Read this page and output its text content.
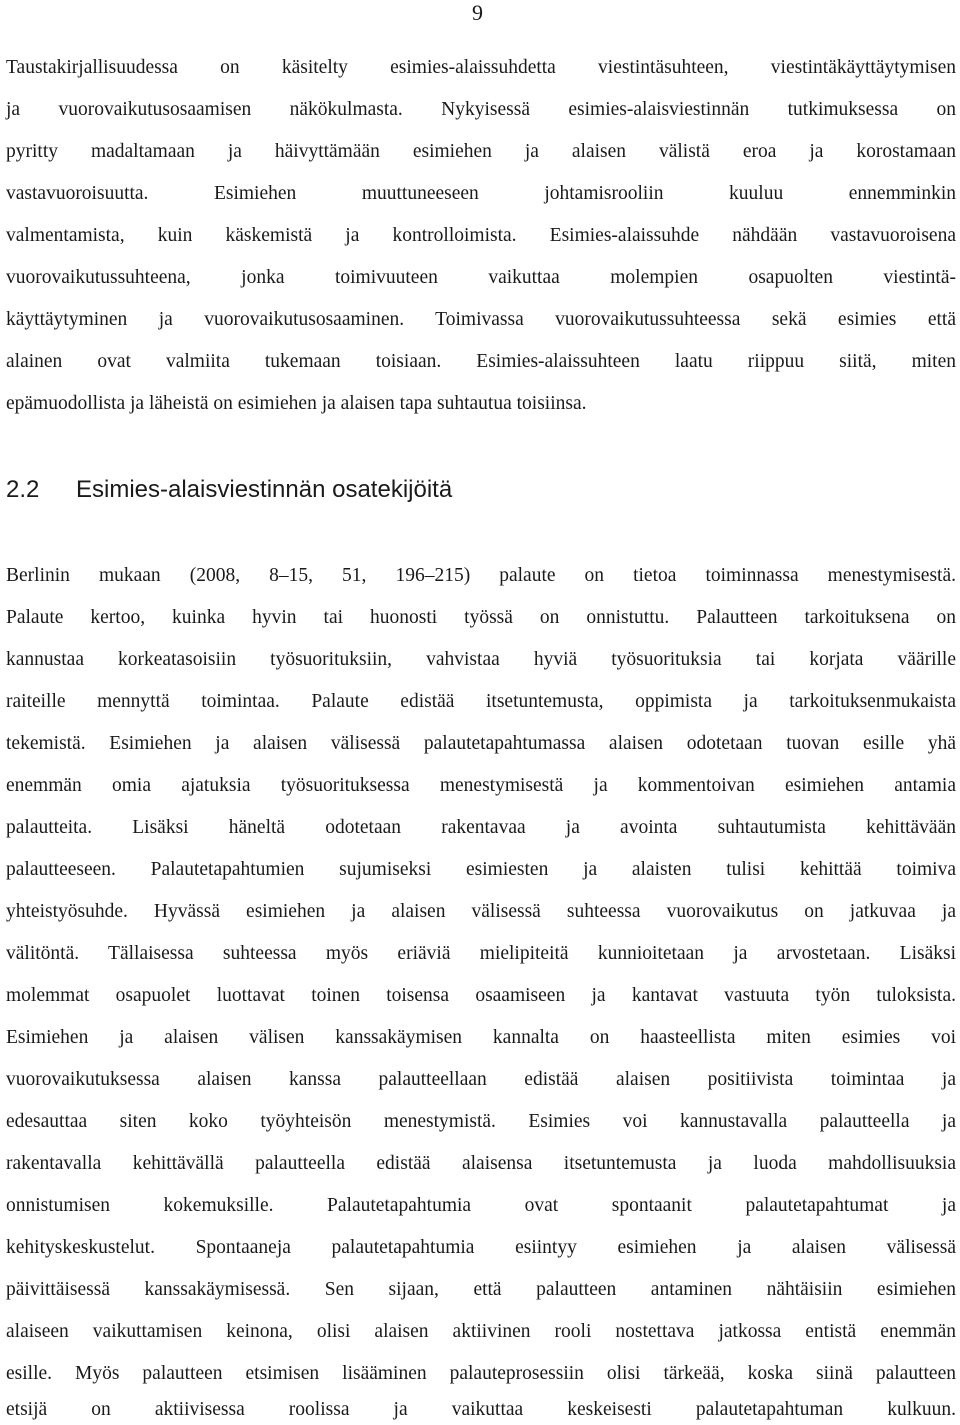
9
Taustakirjallisuudessa on käsitelty esimies-alaissuhdetta viestintäsuhteen, viestintäkäyttäytymisen
ja vuorovaikutusosaamisen näkökulmasta. Nykyisessä esimies-alaisviestinnän tutkimuksessa on
pyritty madaltamaan ja häivyttämään esimiehen ja alaisen välistä eroa ja korostamaan
vastavuoroisuutta. Esimiehen muuttuneeseen johtamisrooliin kuuluu ennemminkin
valmentamista, kuin käskemistä ja kontrolloimista. Esimies-alaissuhde nähdään vastavuoroisena
vuorovaikutussuhteena, jonka toimivuuteen vaikuttaa molempien osapuolten viestintä-
käyttäytyminen ja vuorovaikutusosaaminen. Toimivassa vuorovaikutussuhteessa sekä esimies että
alainen ovat valmiita tukemaan toisiaan. Esimies-alaissuhteen laatu riippuu siitä, miten
epämuodollista ja läheistä on esimiehen ja alaisen tapa suhtautua toisiinsa.
2.2 Esimies-alaisviestinnän osatekijöitä
Berlinin mukaan (2008, 8–15, 51, 196–215) palaute on tietoa toiminnassa menestymisestä.
Palaute kertoo, kuinka hyvin tai huonosti työssä on onnistuttu. Palautteen tarkoituksena on
kannustaa korkeatasoisiin työsuorituksiin, vahvistaa hyviä työsuorituksia tai korjata väärille
raiteille mennyttä toimintaa. Palaute edistää itsetuntemusta, oppimista ja tarkoituksenmukaista
tekemistä. Esimiehen ja alaisen välisessä palautetapahtumassa alaisen odotetaan tuovan esille yhä
enemmän omia ajatuksia työsuorituksessa menestymisestä ja kommentoivan esimiehen antamia
palautteita. Lisäksi häneltä odotetaan rakentavaa ja avointa suhtautumista kehittävään
palautteeseen. Palautetapahtumien sujumiseksi esimiesten ja alaisten tulisi kehittää toimiva
yhteistyösuhde. Hyvässä esimiehen ja alaisen välisessä suhteessa vuorovaikutus on jatkuvaa ja
välitöntä. Tällaisessa suhteessa myös eriäviä mielipiteitä kunnioitetaan ja arvostetaan. Lisäksi
molemmat osapuolet luottavat toinen toisensa osaamiseen ja kantavat vastuuta työn tuloksista.
Esimiehen ja alaisen välisen kanssakäymisen kannalta on haasteellista miten esimies voi
vuorovaikutuksessa alaisen kanssa palautteellaan edistää alaisen positiivista toimintaa ja
edesauttaa siten koko työyhteisön menestymistä. Esimies voi kannustavalla palautteella ja
rakentavalla kehittävällä palautteella edistää alaisensa itsetuntemusta ja luoda mahdollisuuksia
onnistumisen kokemuksille. Palautetapahtumia ovat spontaanit palautetapahtumat ja
kehityskeskustelut. Spontaaneja palautetapahtumia esiintyy esimiehen ja alaisen välisessä
päivittäisessä kanssakäymisessä. Sen sijaan, että palautteen antaminen nähtäisiin esimiehen
alaiseen vaikuttamisen keinona, olisi alaisen aktiivinen rooli nostettava jatkossa entistä enemmän
esille. Myös palautteen etsimisen lisääminen palauteprosessiin olisi tärkeää, koska siinä palautteen
etsijä on aktiivisessa roolissa ja vaikuttaa keskeisesti palautetapahtuman kulkuun.
